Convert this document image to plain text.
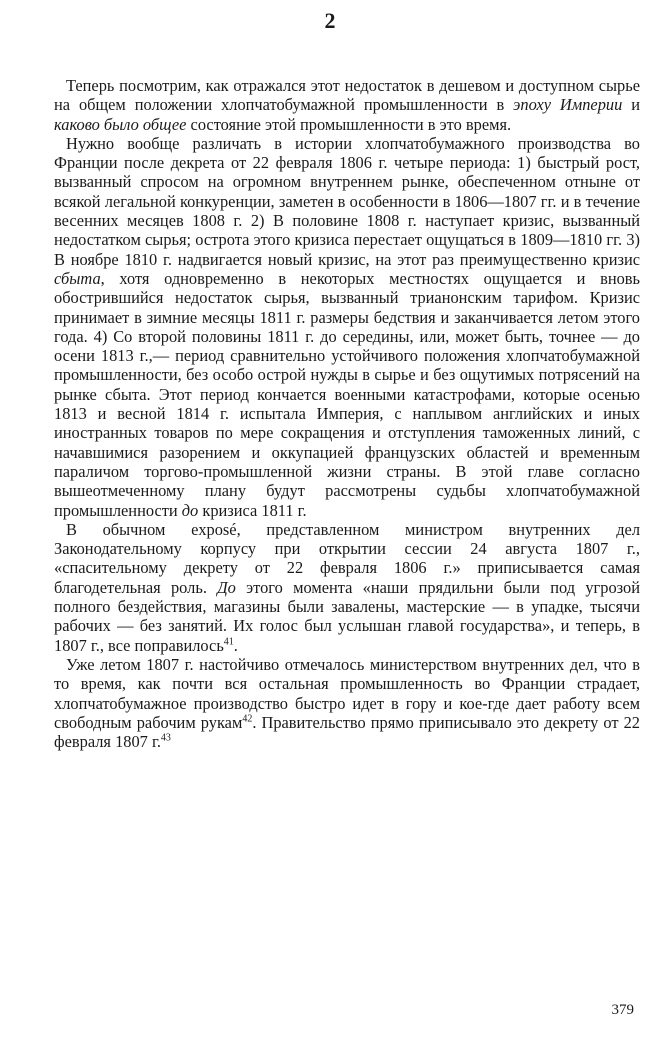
2

Теперь посмотрим, как отражался этот недостаток в дешевом и доступном сырье на общем положении хлопчатобумажной промышленности в эпоху Империи и каково было общее состояние этой промышленности в это время.

Нужно вообще различать в истории хлопчатобумажного производства во Франции после декрета от 22 февраля 1806 г. четыре периода: 1) быстрый рост, вызванный спросом на огромном внутреннем рынке, обеспеченном отныне от всякой легальной конкуренции, заметен в особенности в 1806—1807 гг. и в течение весенних месяцев 1808 г. 2) В половине 1808 г. наступает кризис, вызванный недостатком сырья; острота этого кризиса перестает ощущаться в 1809—1810 гг. 3) В ноябре 1810 г. надвигается новый кризис, на этот раз преимущественно кризис сбыта, хотя одновременно в некоторых местностях ощущается и вновь обострившийся недостаток сырья, вызванный трианонским тарифом. Кризис принимает в зимние месяцы 1811 г. размеры бедствия и заканчивается летом этого года. 4) Со второй половины 1811 г. до середины, или, может быть, точнее — до осени 1813 г.,— период сравнительно устойчивого положения хлопчатобумажной промышленности, без особо острой нужды в сырье и без ощутимых потрясений на рынке сбыта. Этот период кончается военными катастрофами, которые осенью 1813 и весной 1814 г. испытала Империя, с наплывом английских и иных иностранных товаров по мере сокращения и отступления таможенных линий, с начавшимися разорением и оккупацией французских областей и временным параличом торгово-промышленной жизни страны. В этой главе согласно вышеотмеченному плану будут рассмотрены судьбы хлопчатобумажной промышленности до кризиса 1811 г.

В обычном exposé, представленном министром внутренних дел Законодательному корпусу при открытии сессии 24 августа 1807 г., «спасительному декрету от 22 февраля 1806 г.» приписывается самая благодетельная роль. До этого момента «наши прядильни были под угрозой полного бездействия, магазины были завалены, мастерские — в упадке, тысячи рабочих — без занятий. Их голос был услышан главой государства», и теперь, в 1807 г., все поправилось$^{41}$.

Уже летом 1807 г. настойчиво отмечалось министерством внутренних дел, что в то время, как почти вся остальная промышленность во Франции страдает, хлопчатобумажное производство быстро идет в гору и кое-где дает работу всем свободным рабочим рукам$^{42}$. Правительство прямо приписывало это декрету от 22 февраля 1807 г.$^{43}$

379
